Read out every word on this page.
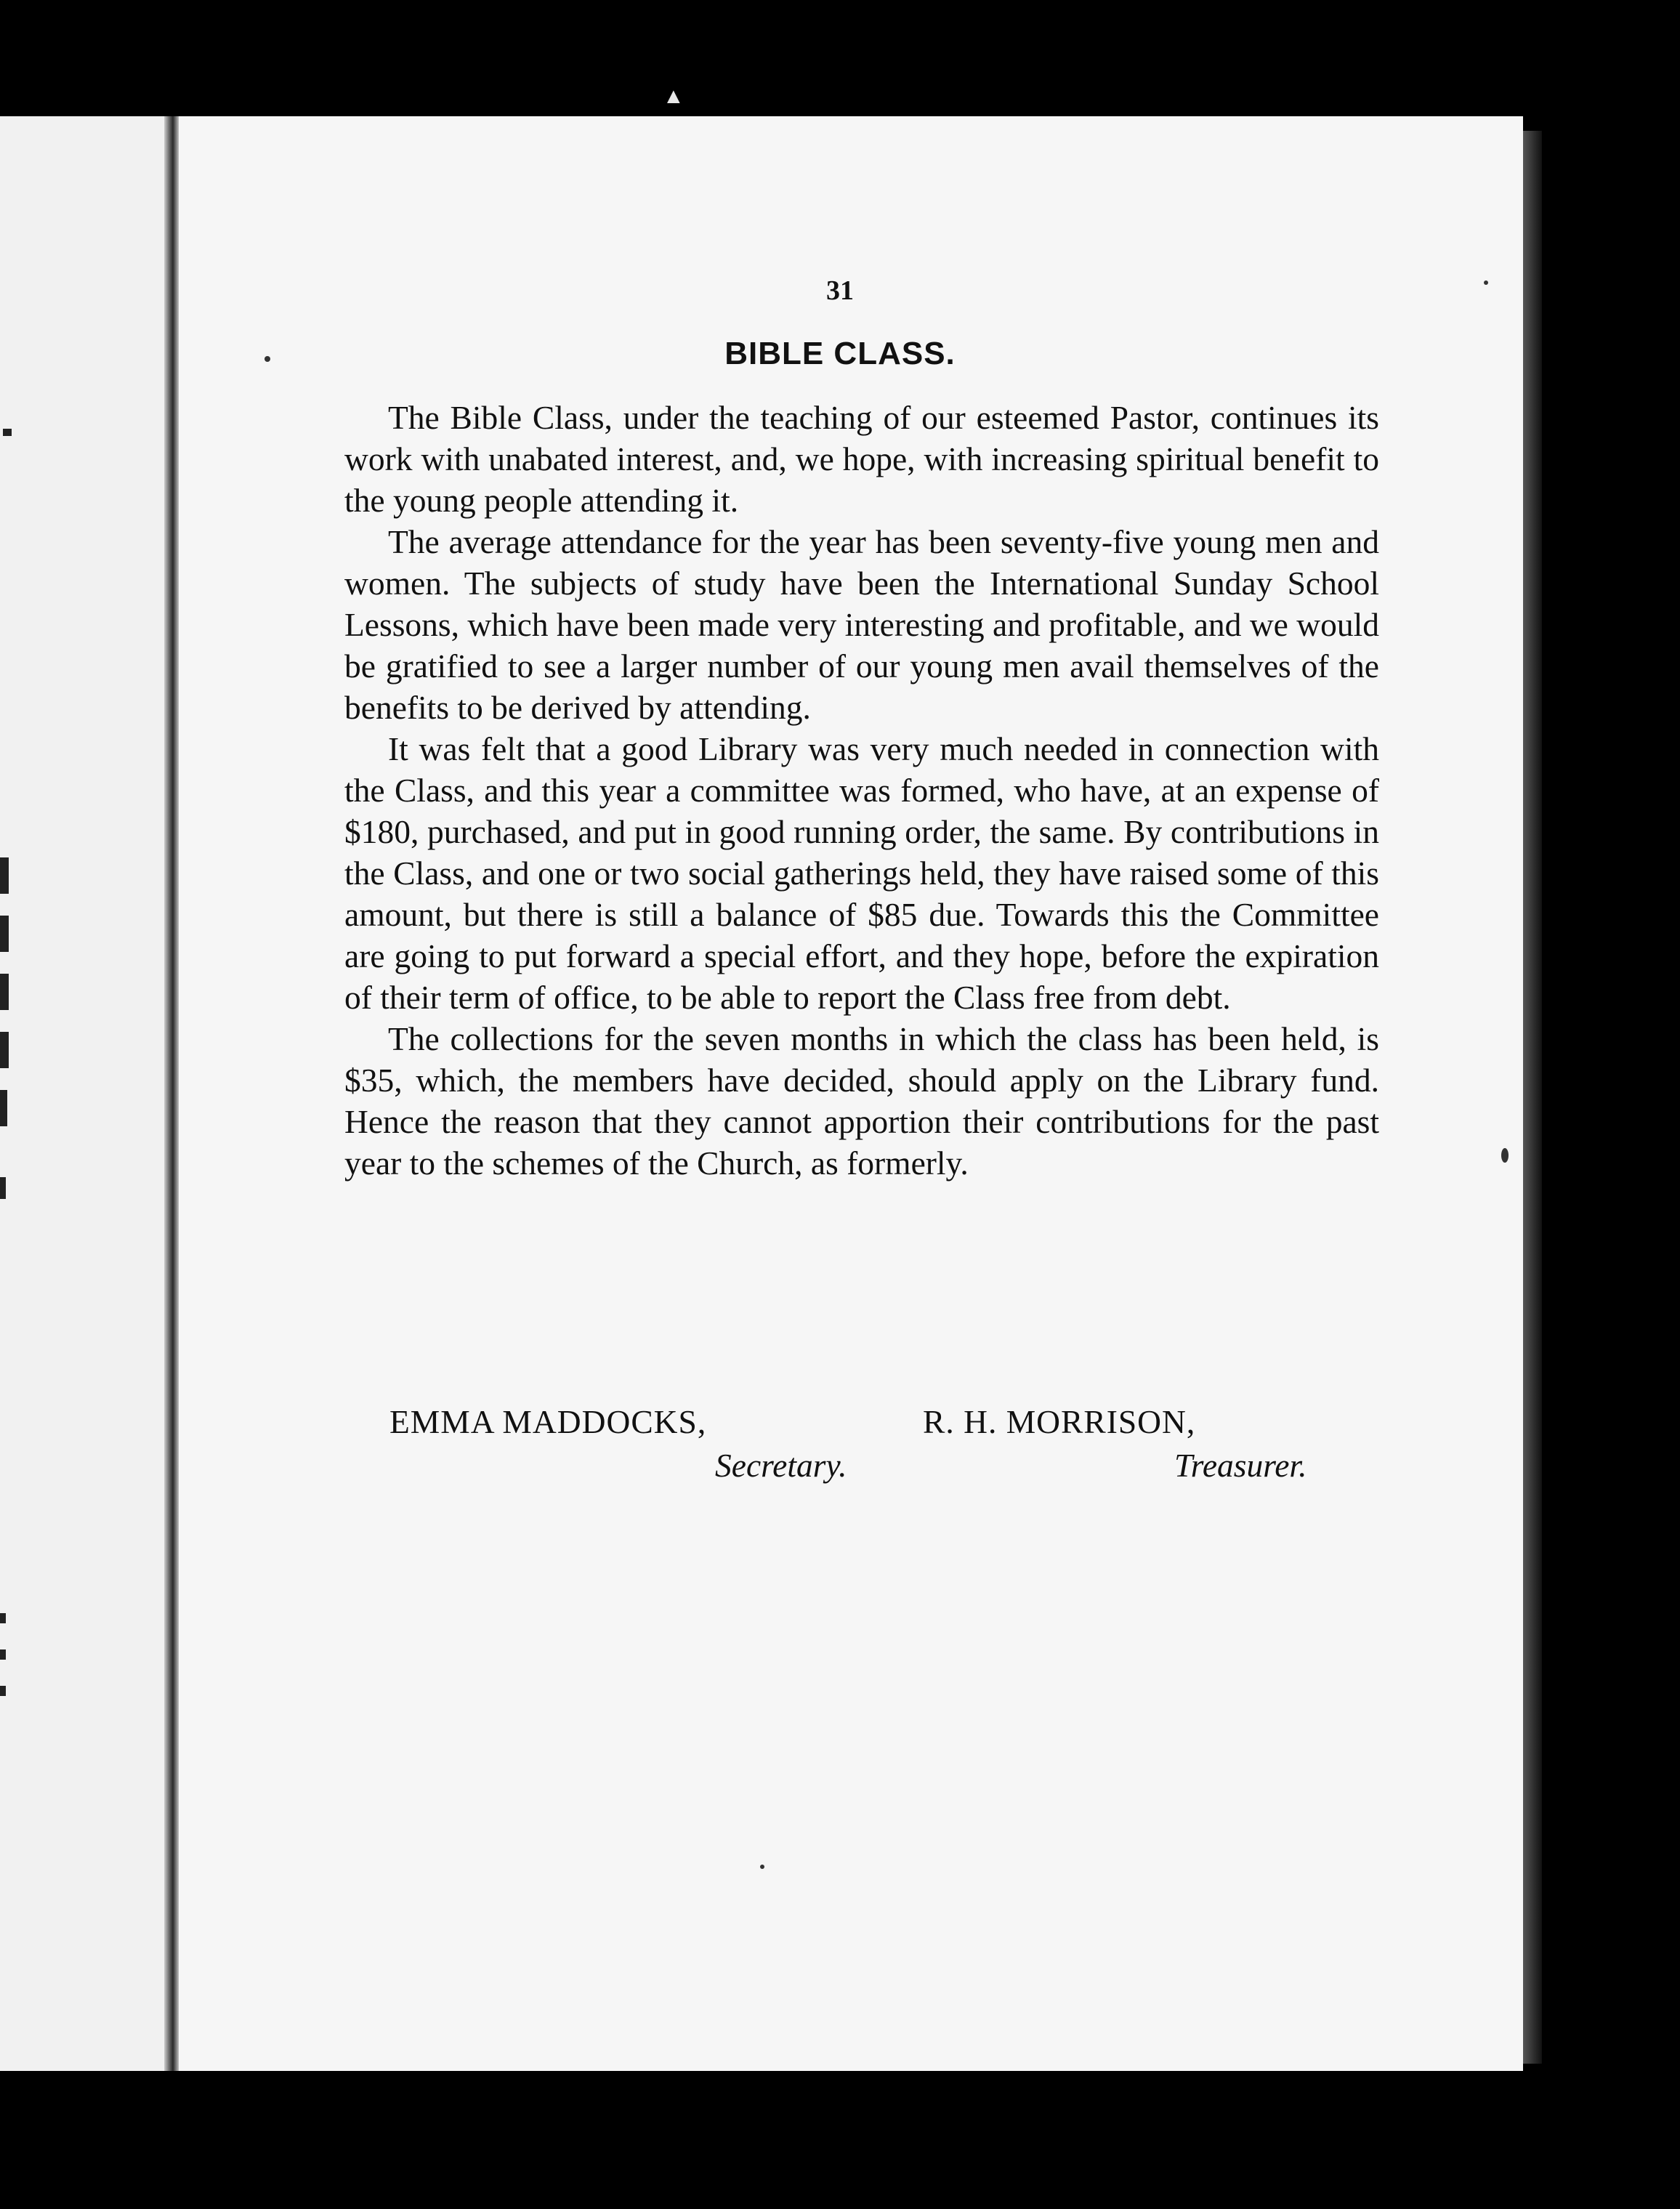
▲
31
BIBLE CLASS.

The Bible Class, under the teaching of our esteemed Pastor, continues its work with unabated interest, and, we hope, with increasing spiritual benefit to the young people attending it.

The average attendance for the year has been seventy-five young men and women. The subjects of study have been the International Sunday School Lessons, which have been made very interesting and profitable, and we would be gratified to see a larger number of our young men avail themselves of the benefits to be derived by attending.

It was felt that a good Library was very much needed in connection with the Class, and this year a committee was formed, who have, at an expense of $180, purchased, and put in good running order, the same. By contributions in the Class, and one or two social gatherings held, they have raised some of this amount, but there is still a balance of $85 due. Towards this the Committee are going to put forward a special effort, and they hope, before the expiration of their term of office, to be able to report the Class free from debt.

The collections for the seven months in which the class has been held, is $35, which, the members have decided, should apply on the Library fund. Hence the reason that they cannot apportion their contributions for the past year to the schemes of the Church, as formerly.

EMMA MADDOCKS,	R. H. MORRISON,
Secretary.	Treasurer.
